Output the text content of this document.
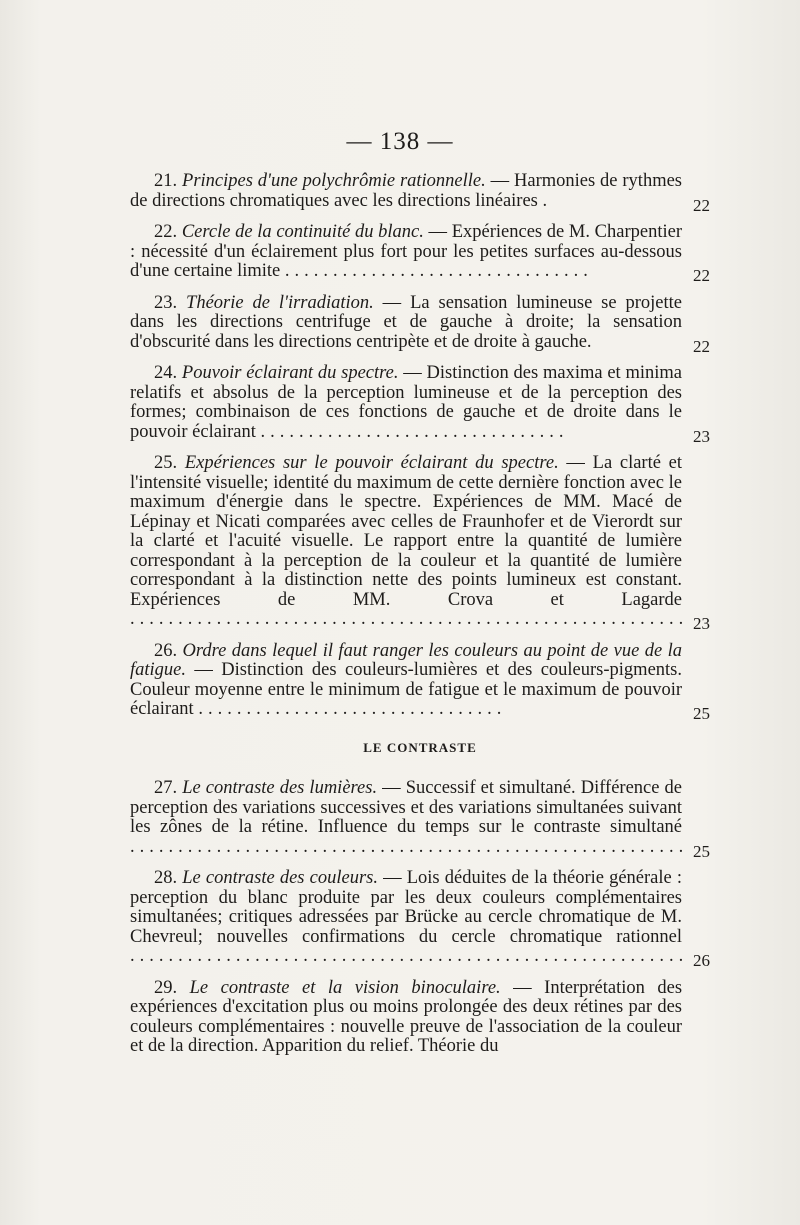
— 138 —
21. Principes d'une polychrômie rationnelle. — Harmonies de rythmes de directions chromatiques avec les directions linéaires .	22
22. Cercle de la continuité du blanc. — Expériences de M. Charpentier : nécessité d'un éclairement plus fort pour les petites surfaces au-dessous d'une certaine limite ................................	22
23. Théorie de l'irradiation. — La sensation lumineuse se projette dans les directions centrifuge et de gauche à droite; la sensation d'obscurité dans les directions centripète et de droite à gauche.	22
24. Pouvoir éclairant du spectre. — Distinction des maxima et minima relatifs et absolus de la perception lumineuse et de la perception des formes; combinaison de ces fonctions de gauche et de droite dans le pouvoir éclairant ................................	23
25. Expériences sur le pouvoir éclairant du spectre. — La clarté et l'intensité visuelle; identité du maximum de cette dernière fonction avec le maximum d'énergie dans le spectre. Expériences de MM. Macé de Lépinay et Nicati comparées avec celles de Fraunhofer et de Vierordt sur la clarté et l'acuité visuelle. Le rapport entre la quantité de lumière correspondant à la perception de la couleur et la quantité de lumière correspondant à la distinction nette des points lumineux est constant. Expériences de MM. Crova et Lagarde .......................................................... 23
26. Ordre dans lequel il faut ranger les couleurs au point de vue de la fatigue. — Distinction des couleurs-lumières et des couleurs-pigments. Couleur moyenne entre le minimum de fatigue et le maximum de pouvoir éclairant ................................	25
LE CONTRASTE
27. Le contraste des lumières. — Successif et simultané. Différence de perception des variations successives et des variations simultanées suivant les zônes de la rétine. Influence du temps sur le contraste simultané .......................................................... 25
28. Le contraste des couleurs. — Lois déduites de la théorie générale : perception du blanc produite par les deux couleurs complémentaires simultanées; critiques adressées par Brücke au cercle chromatique de M. Chevreul; nouvelles confirmations du cercle chromatique rationnel .......................................................... 26
29. Le contraste et la vision binoculaire. — Interprétation des expériences d'excitation plus ou moins prolongée des deux rétines par des couleurs complémentaires : nouvelle preuve de l'association de la couleur et de la direction. Apparition du relief. Théorie du
